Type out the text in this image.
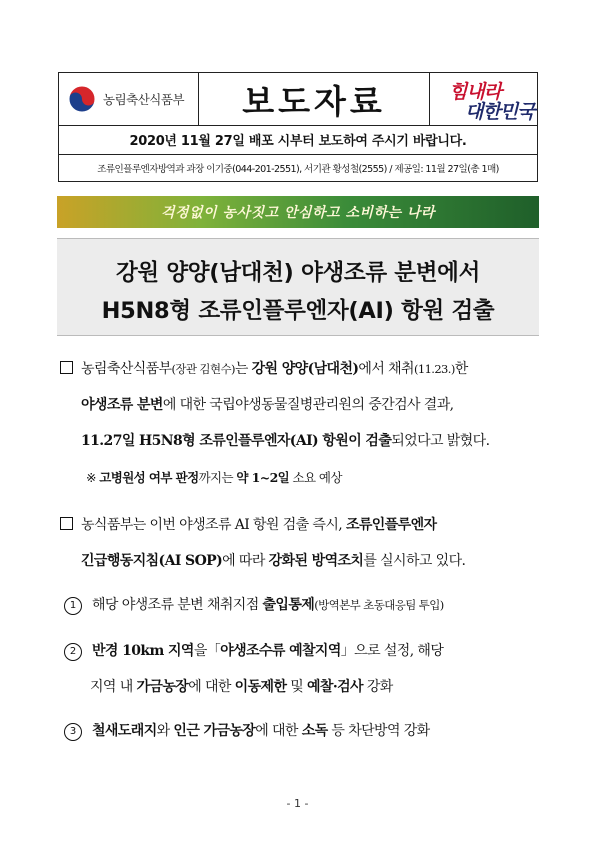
농림축산식품부	보도자료	힘내라
대한민국
2020년 11월 27일 배포 시부터 보도하여 주시기 바랍니다.
조류인플루엔자방역과 과장 이기중(044-201-2551), 서기관 황성철(2555) / 제공일: 11월 27일(총 1매)
걱정없이 농사짓고 안심하고 소비하는 나라
강원 양양(남대천) 야생조류 분변에서
H5N8형 조류인플루엔자(AI) 항원 검출
농림축산식품부(장관 김현수)는 강원 양양(남대천)에서 채취(11.23.)한
야생조류 분변에 대한 국립야생동물질병관리원의 중간검사 결과,
11.27일 H5N8형 조류인플루엔자(AI) 항원이 검출되었다고 밝혔다.
※ 고병원성 여부 판정까지는 약 1~2일 소요 예상
농식품부는 이번 야생조류 AI 항원 검출 즉시, 조류인플루엔자
긴급행동지침(AI SOP)에 따라 강화된 방역조치를 실시하고 있다.
1 해당 야생조류 분변 채취지점 출입통제(방역본부 초동대응팀 투입)
2 반경 10km 지역을「야생조수류 예찰지역」으로 설정, 해당
지역 내 가금농장에 대한 이동제한 및 예찰·검사 강화
3 철새도래지와 인근 가금농장에 대한 소독 등 차단방역 강화
- 1 -
